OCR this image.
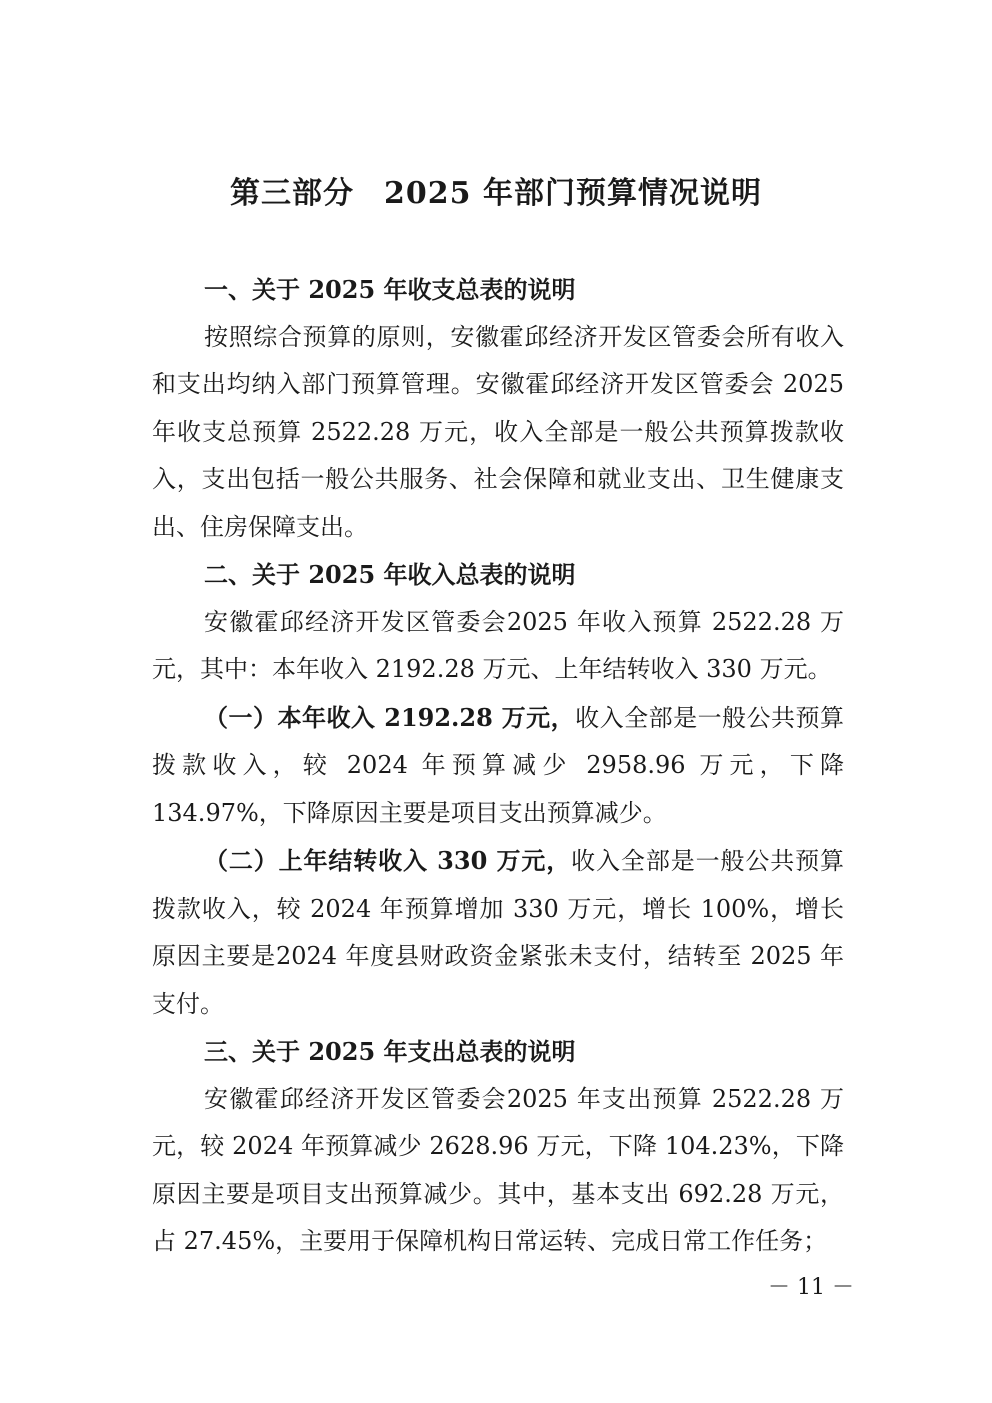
第三部分 2025 年部门预算情况说明

一、关于 2025 年收支总表的说明

按照综合预算的原则，安徽霍邱经济开发区管委会所有收入和支出均纳入部门预算管理。安徽霍邱经济开发区管委会 2025 年收支总预算 2522.28 万元，收入全部是一般公共预算拨款收入，支出包括一般公共服务、社会保障和就业支出、卫生健康支出、住房保障支出。

二、关于 2025 年收入总表的说明

安徽霍邱经济开发区管委会2025 年收入预算 2522.28 万元，其中：本年收入 2192.28 万元、上年结转收入 330 万元。

（一）本年收入 2192.28 万元，收入全部是一般公共预算拨款收入，较 2024 年预算减少 2958.96 万元，下降 134.97%，下降原因主要是项目支出预算减少。

（二）上年结转收入 330 万元，收入全部是一般公共预算拨款收入，较 2024 年预算增加 330 万元，增长 100%，增长原因主要是2024 年度县财政资金紧张未支付，结转至 2025 年支付。

三、关于 2025 年支出总表的说明

安徽霍邱经济开发区管委会2025 年支出预算 2522.28 万元，较 2024 年预算减少 2628.96 万元，下降 104.23%，下降原因主要是项目支出预算减少。其中，基本支出 692.28 万元，占 27.45%，主要用于保障机构日常运转、完成日常工作任务；

－ 11 －
